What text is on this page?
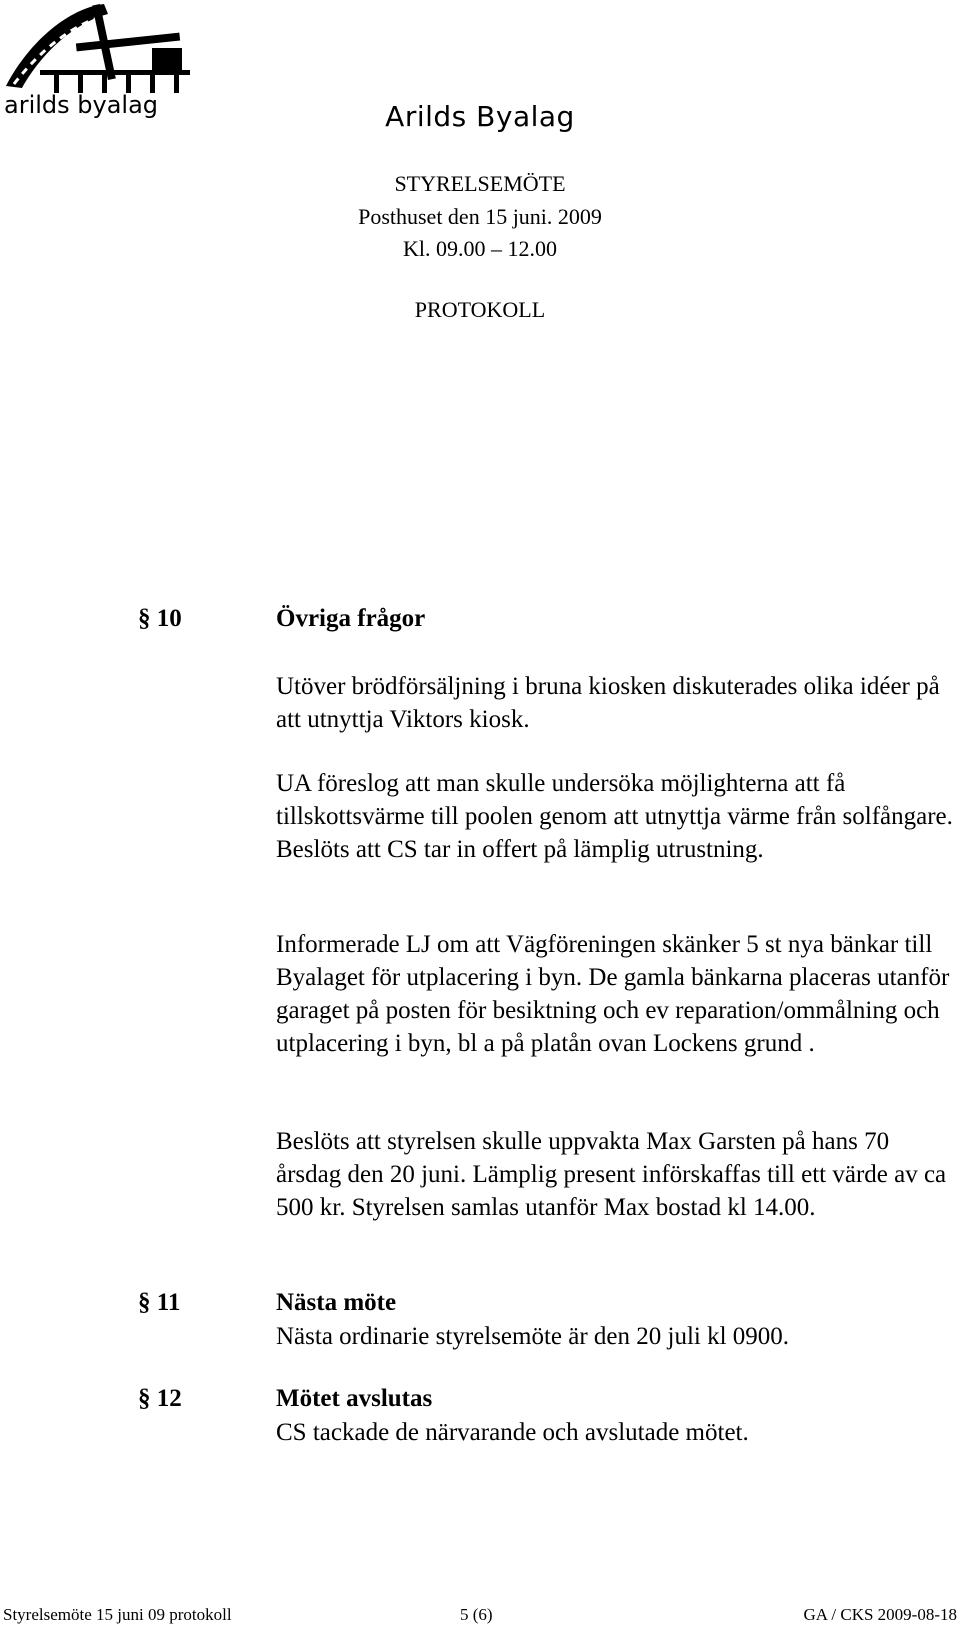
arilds byalag	Arilds Byalag
STYRELSEMÖTE
Posthuset den 15 juni. 2009
Kl. 09.00 – 12.00
PROTOKOLL
§ 10	Övriga frågor

Utöver brödförsäljning i bruna kiosken diskuterades olika idéer på att utnyttja Viktors kiosk.

UA föreslog att man skulle undersöka möjlighterna att få tillskottsvärme till poolen genom att utnyttja värme från solfångare. Beslöts att CS tar in offert på lämplig utrustning.

Informerade LJ om att Vägföreningen skänker 5 st nya bänkar till Byalaget för utplacering i byn. De gamla bänkarna placeras utanför garaget på posten för besiktning och ev reparation/ommålning och utplacering i byn, bl a på platån ovan Lockens grund .

Beslöts att styrelsen skulle uppvakta Max Garsten på hans 70 årsdag den 20 juni. Lämplig present införskaffas till ett värde av ca 500 kr. Styrelsen samlas utanför Max bostad kl 14.00.

§ 11	Nästa möte

Nästa ordinarie styrelsemöte är den 20 juli kl 0900.

§ 12	Mötet avslutas

CS tackade de närvarande och avslutade mötet.

Styrelsemöte 15 juni 09 protokoll	5 (6)	GA / CKS 2009-08-18
